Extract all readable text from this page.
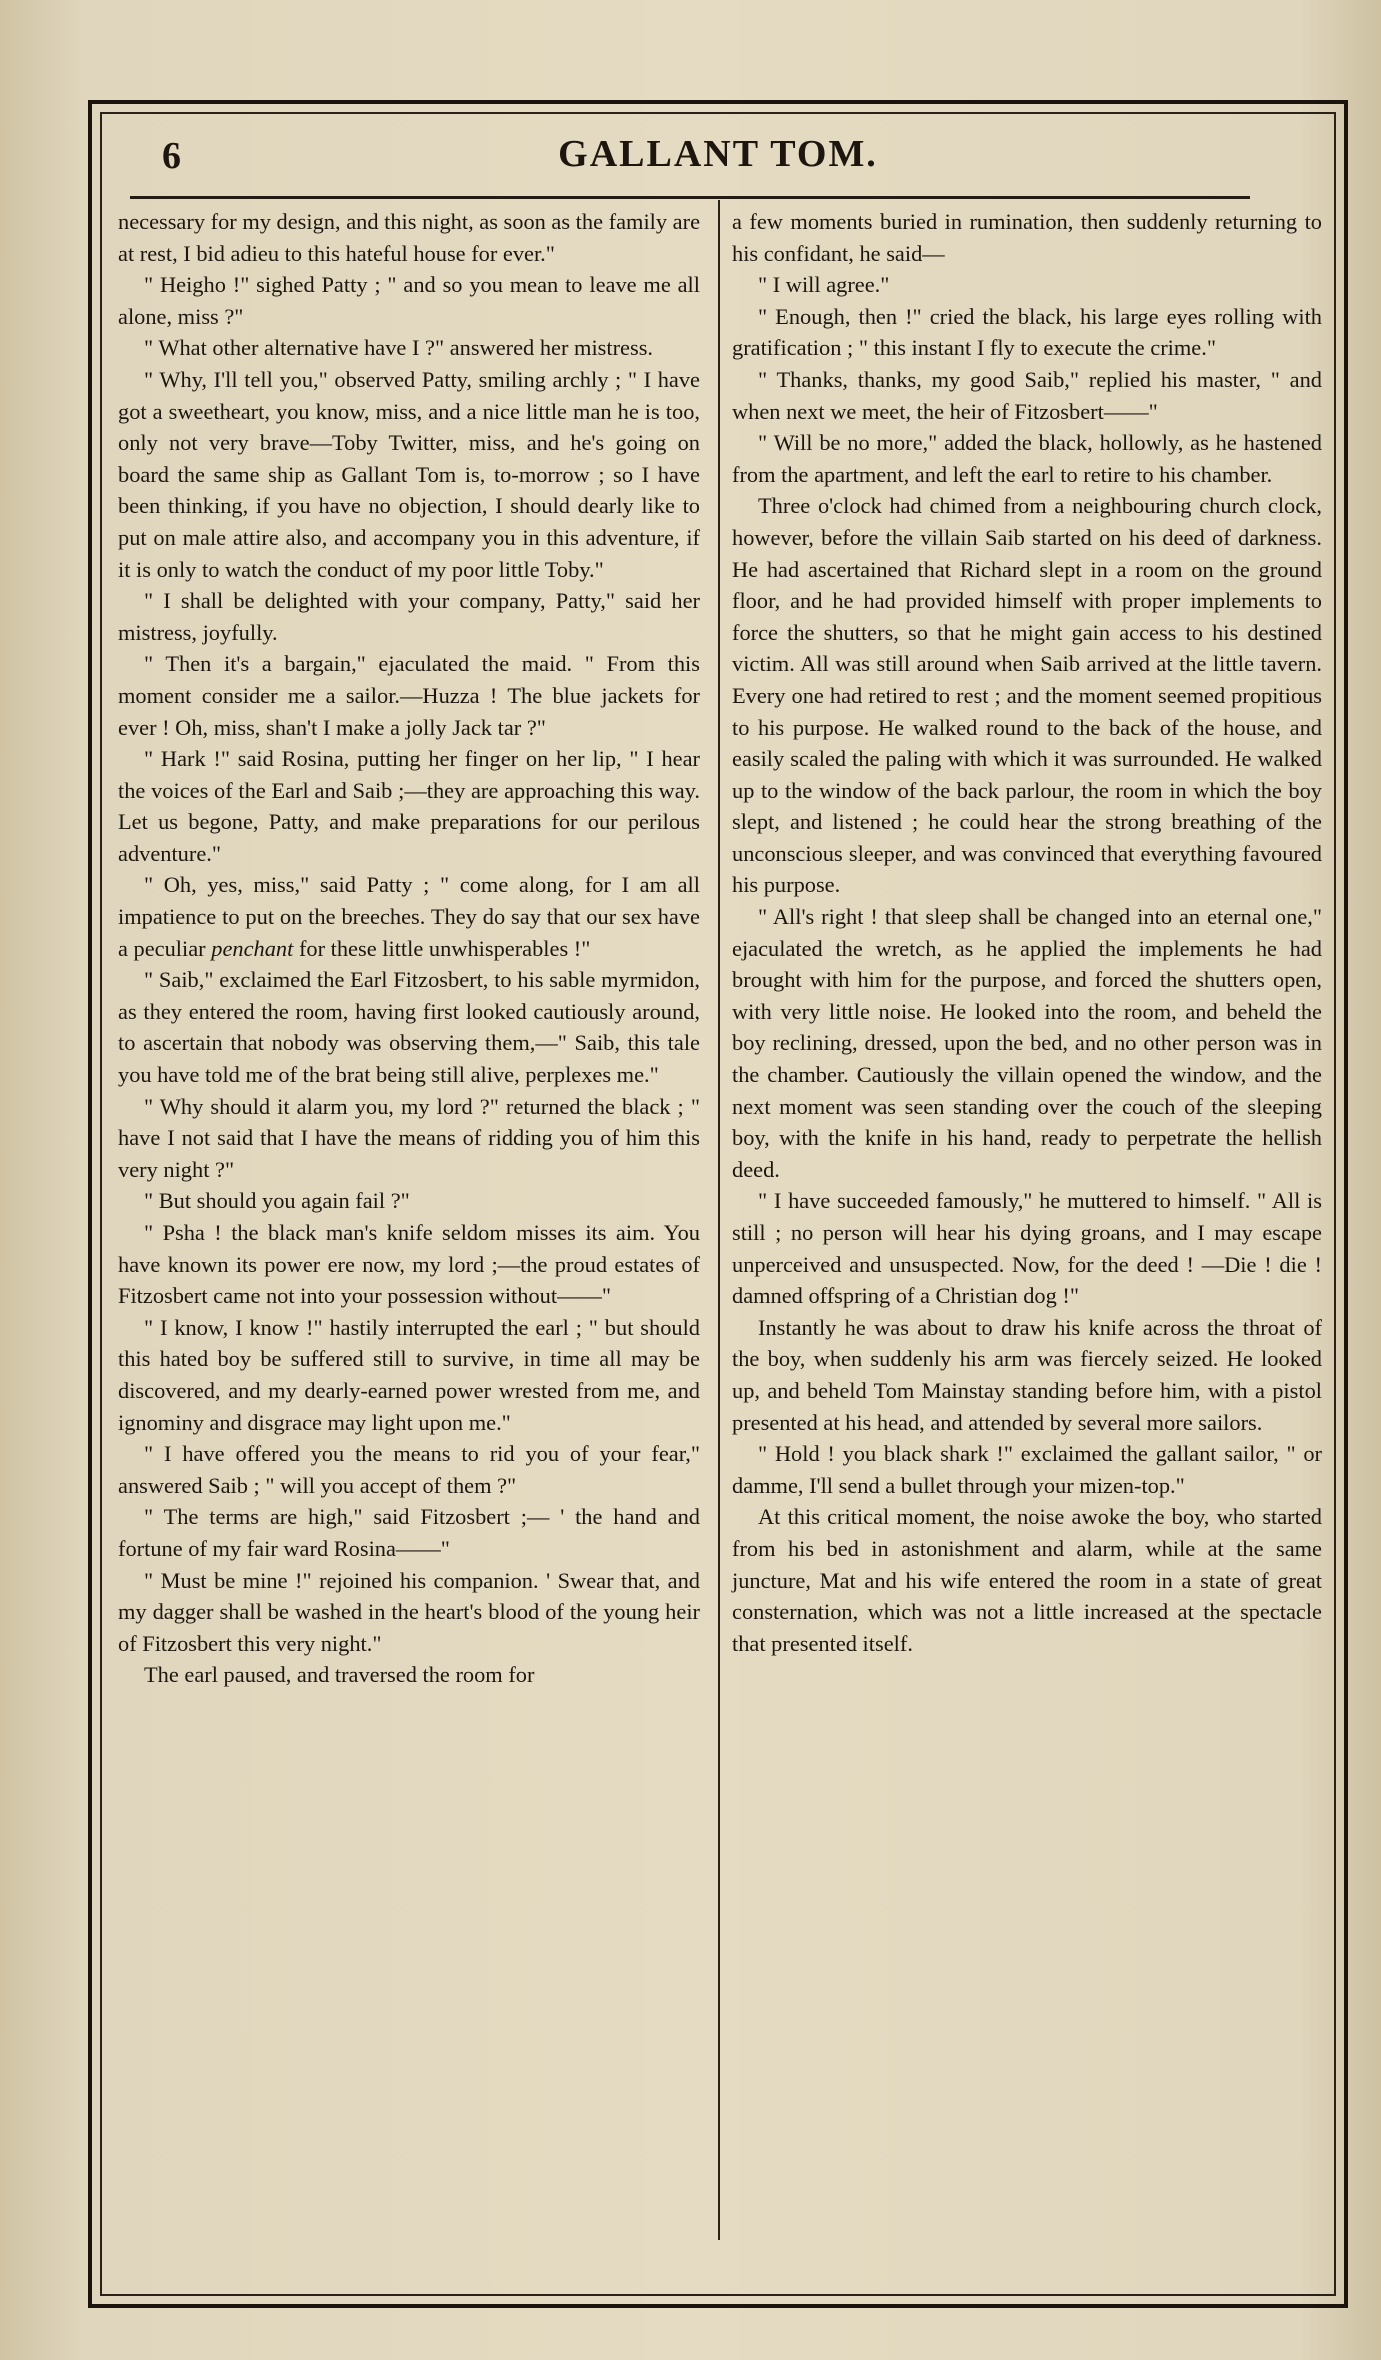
6	GALLANT TOM.

necessary for my design, and this night, as soon as the family are at rest, I bid adieu to this hateful house for ever."

" Heigho !" sighed Patty ; " and so you mean to leave me all alone, miss ?"

" What other alternative have I ?" answered her mistress.

" Why, I'll tell you," observed Patty, smiling archly ; " I have got a sweetheart, you know, miss, and a nice little man he is too, only not very brave—Toby Twitter, miss, and he's going on board the same ship as Gallant Tom is, to-morrow ; so I have been thinking, if you have no objection, I should dearly like to put on male attire also, and accompany you in this adventure, if it is only to watch the conduct of my poor little Toby."

" I shall be delighted with your company, Patty," said her mistress, joyfully.

" Then it's a bargain," ejaculated the maid. " From this moment consider me a sailor.—Huzza ! The blue jackets for ever ! Oh, miss, shan't I make a jolly Jack tar ?"

" Hark !" said Rosina, putting her finger on her lip, " I hear the voices of the Earl and Saib ;—they are approaching this way. Let us begone, Patty, and make preparations for our perilous adventure."

" Oh, yes, miss," said Patty ; " come along, for I am all impatience to put on the breeches. They do say that our sex have a peculiar penchant for these little unwhisperables !"

" Saib," exclaimed the Earl Fitzosbert, to his sable myrmidon, as they entered the room, having first looked cautiously around, to ascertain that nobody was observing them,—" Saib, this tale you have told me of the brat being still alive, perplexes me."

" Why should it alarm you, my lord ?" returned the black ; " have I not said that I have the means of ridding you of him this very night ?"

" But should you again fail ?"

" Psha ! the black man's knife seldom misses its aim. You have known its power ere now, my lord ;—the proud estates of Fitzosbert came not into your possession without——"

" I know, I know !" hastily interrupted the earl ; " but should this hated boy be suffered still to survive, in time all may be discovered, and my dearly-earned power wrested from me, and ignominy and disgrace may light upon me."

" I have offered you the means to rid you of your fear," answered Saib ; " will you accept of them ?"

" The terms are high," said Fitzosbert ;— ' the hand and fortune of my fair ward Rosina——"

" Must be mine !" rejoined his companion. ' Swear that, and my dagger shall be washed in the heart's blood of the young heir of Fitzosbert this very night."

The earl paused, and traversed the room for

a few moments buried in rumination, then suddenly returning to his confidant, he said—

" I will agree."

" Enough, then !" cried the black, his large eyes rolling with gratification ; " this instant I fly to execute the crime."

" Thanks, thanks, my good Saib," replied his master, " and when next we meet, the heir of Fitzosbert——"

" Will be no more," added the black, hollowly, as he hastened from the apartment, and left the earl to retire to his chamber.

Three o'clock had chimed from a neighbouring church clock, however, before the villain Saib started on his deed of darkness. He had ascertained that Richard slept in a room on the ground floor, and he had provided himself with proper implements to force the shutters, so that he might gain access to his destined victim. All was still around when Saib arrived at the little tavern. Every one had retired to rest ; and the moment seemed propitious to his purpose. He walked round to the back of the house, and easily scaled the paling with which it was surrounded. He walked up to the window of the back parlour, the room in which the boy slept, and listened ; he could hear the strong breathing of the unconscious sleeper, and was convinced that everything favoured his purpose.

" All's right ! that sleep shall be changed into an eternal one," ejaculated the wretch, as he applied the implements he had brought with him for the purpose, and forced the shutters open, with very little noise. He looked into the room, and beheld the boy reclining, dressed, upon the bed, and no other person was in the chamber. Cautiously the villain opened the window, and the next moment was seen standing over the couch of the sleeping boy, with the knife in his hand, ready to perpetrate the hellish deed.

" I have succeeded famously," he muttered to himself. " All is still ; no person will hear his dying groans, and I may escape unperceived and unsuspected. Now, for the deed ! —Die ! die ! damned offspring of a Christian dog !"

Instantly he was about to draw his knife across the throat of the boy, when suddenly his arm was fiercely seized. He looked up, and beheld Tom Mainstay standing before him, with a pistol presented at his head, and attended by several more sailors.

" Hold ! you black shark !" exclaimed the gallant sailor, " or damme, I'll send a bullet through your mizen-top."

At this critical moment, the noise awoke the boy, who started from his bed in astonishment and alarm, while at the same juncture, Mat and his wife entered the room in a state of great consternation, which was not a little increased at the spectacle that presented itself.
